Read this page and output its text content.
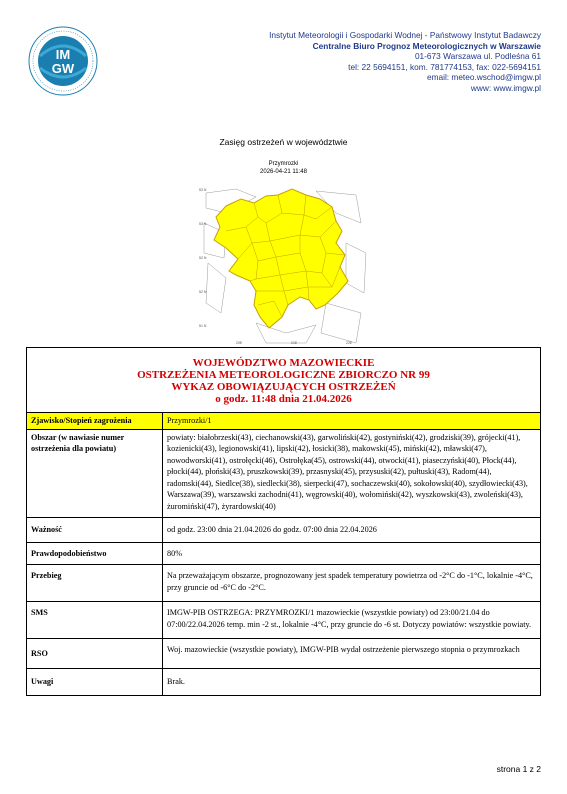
IM
GW
Instytut Meteorologii i Gospodarki Wodnej - Państwowy Instytut Badawczy
Centralne Biuro Prognoz Meteorologicznych w Warszawie
01-673 Warszawa ul. Podleśna 61
tel: 22 5694151, kom. 781774153, fax: 022-5694151
email: meteo.wschod@imgw.pl
www: www.imgw.pl
Zasięg ostrzeżeń w województwie
Przymrozki
2026-04-21 11:48
53 N
53 N
52 N
52 N
51 N
20E	21E	22E
WOJEWÓDZTWO MAZOWIECKIE
OSTRZEŻENIA METEOROLOGICZNE ZBIORCZO NR 99
WYKAZ OBOWIĄZUJĄCYCH OSTRZEŻEŃ
o godz. 11:48 dnia 21.04.2026	

Zjawisko/Stopień zagrożenia	Przymrozki/1
Obszar (w nawiasie numer ostrzeżenia dla powiatu)	powiaty: białobrzeski(43), ciechanowski(43), garwoliński(42), gostyniński(42), grodziski(39), grójecki(41), kozienicki(43), legionowski(41), lipski(42), łosicki(38), makowski(45), miński(42), mławski(47), nowodworski(41), ostrołęcki(46), Ostrołęka(45), ostrowski(44), otwocki(41), piaseczyński(40), Płock(44), płocki(44), płoński(43), pruszkowski(39), przasnyski(45), przysuski(42), pułtuski(43), Radom(44), radomski(44), Siedlce(38), siedlecki(38), sierpecki(47), sochaczewski(40), sokołowski(40), szydłowiecki(43), Warszawa(39), warszawski zachodni(41), węgrowski(40), wołomiński(42), wyszkowski(43), zwoleński(43), żuromiński(47), żyrardowski(40)
Ważność	od godz. 23:00 dnia 21.04.2026 do godz. 07:00 dnia 22.04.2026
Prawdopodobieństwo	80%
Przebieg	Na przeważającym obszarze, prognozowany jest spadek temperatury powietrza od -2°C do -1°C, lokalnie -4°C, przy gruncie od -6°C do -2°C.
SMS	IMGW-PIB OSTRZEGA: PRZYMROZKI/1 mazowieckie (wszystkie powiaty) od 23:00/21.04 do 07:00/22.04.2026 temp. min -2 st., lokalnie -4°C, przy gruncie do -6 st. Dotyczy powiatów: wszystkie powiaty.
RSO	Woj. mazowieckie (wszystkie powiaty), IMGW-PIB wydał ostrzeżenie pierwszego stopnia o przymrozkach
Uwagi	Brak.
strona 1 z 2
